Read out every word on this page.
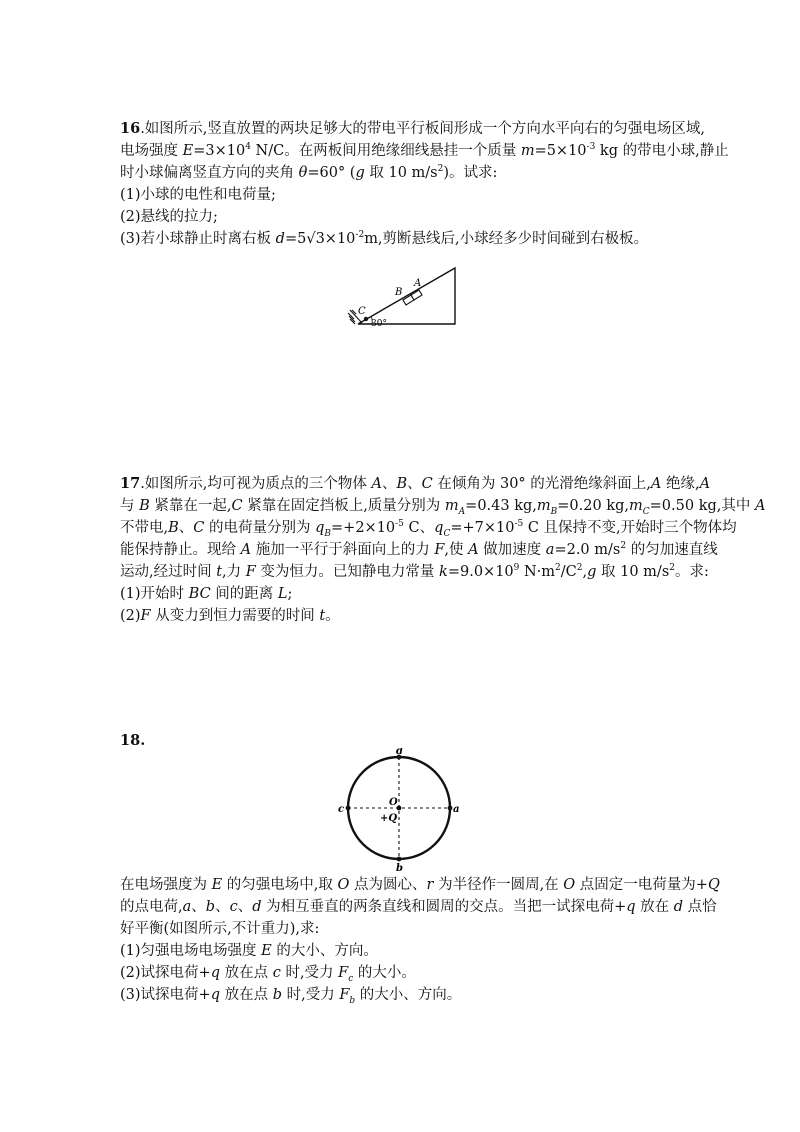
16.如图所示,竖直放置的两块足够大的带电平行板间形成一个方向水平向右的匀强电场区域,
电场强度 $E=3\times 10^4$ N/C。在两板间用绝缘细线悬挂一个质量 $m=5\times 10^{-3}$ kg 的带电小球,静止
时小球偏离竖直方向的夹角 θ=60° (g 取 10 $m/s^2$)。试求:
(1)小球的电性和电荷量;
(2)悬线的拉力;
(3)若小球静止时离右板 $d=5√3\times 10^{-2}m$,剪断悬线后,小球经多少时间碰到右极板。
A
B
C
30°
17.如图所示,均可视为质点的三个物体 A、B、C 在倾角为 30° 的光滑绝缘斜面上,A 绝缘,A
与 B 紧靠在一起,C 紧靠在固定挡板上,质量分别为 $m_A=0.43$ $kg,m_B=0.20$ $kg,m_C=0.50$ kg,其中 A
不带电,B、C 的电荷量分别为 $q_B=+2\times 10^{-5}$ C、$q_C=+7\times 10^{-5}$ C 且保持不变,开始时三个物体均
能保持静止。现给 A 施加一平行于斜面向上的力 F,使 A 做加速度 a=2.0 $m/s^2$ 的匀加速直线
运动,经过时间 t,力 F 变为恒力。已知静电力常量 $k=9.0\times 10^9$ $N\cdot m^2/C^2,g$ 取 10 $m/s^2$。求:
(1)开始时 BC 间的距离 L;
(2)F 从变力到恒力需要的时间 t。
18.
d
b
c	a
O
+Q
在电场强度为 E 的匀强电场中,取 O 点为圆心、r 为半径作一圆周,在 O 点固定一电荷量为+Q
的点电荷,a、b、c、d 为相互垂直的两条直线和圆周的交点。当把一试探电荷+q 放在 d 点恰
好平衡(如图所示,不计重力),求:
(1)匀强电场电场强度 E 的大小、方向。
(2)试探电荷+q 放在点 c 时,受力 $F_c$ 的大小。
(3)试探电荷+q 放在点 b 时,受力 $F_b$ 的大小、方向。
